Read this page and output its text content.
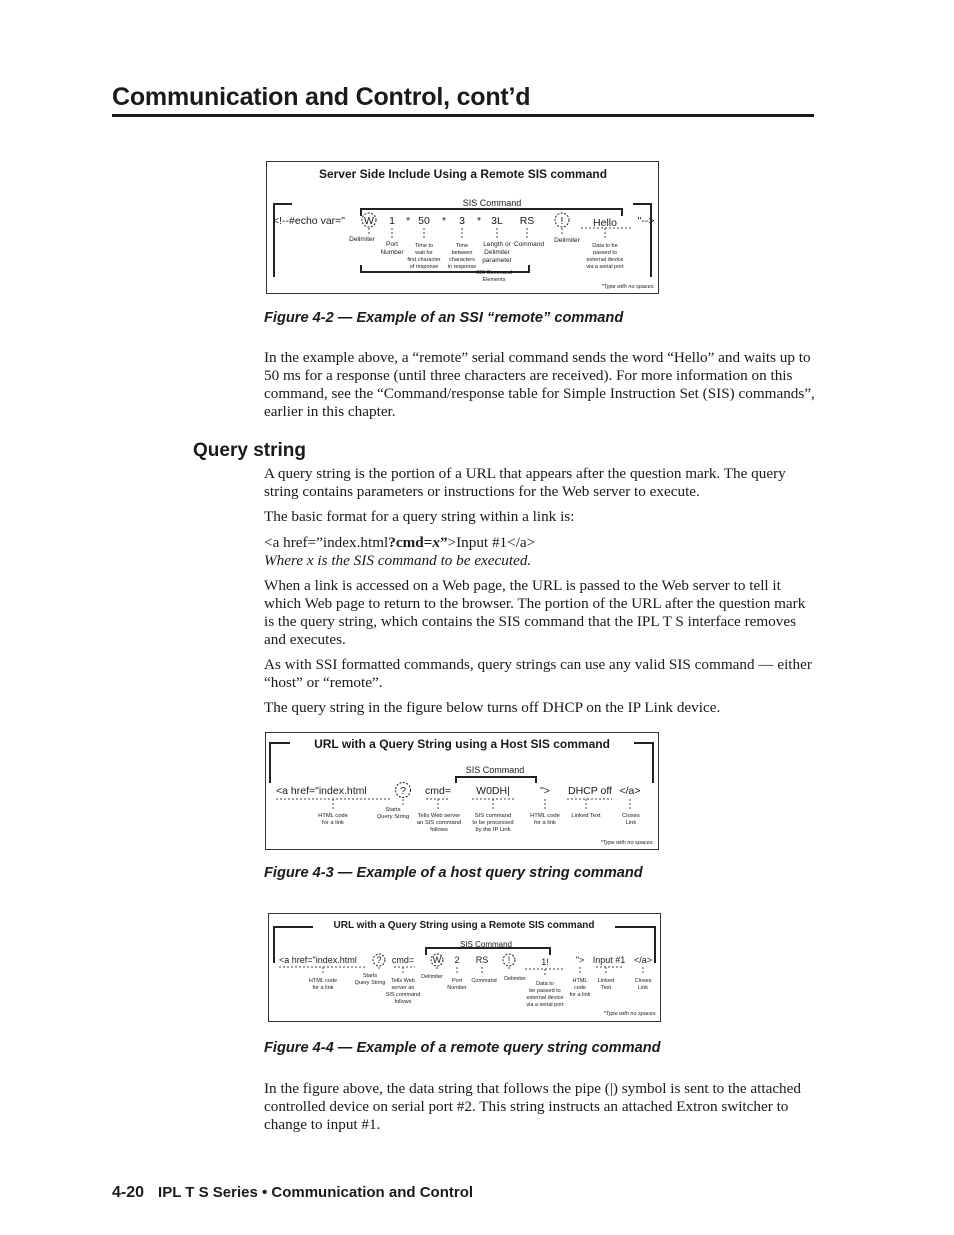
Communication and Control, cont’d
Server Side Include Using a Remote SIS command
SIS Command
<!--#echo var=" W 1 * 50 * 3 * 3L RS !	Hello "-->
Delimiter
Port
Number
Time to
wait for
first character
of response
Time
between
characters
in response
Length or
Delimiter
parameter
Command
Delimiter
Data to be
passed to
external device
via a serial port
SIS Command
Elements
*Type with no spaces.
Figure 4-2 — Example of an SSI “remote” command

In the example above, a “remote” serial command sends the word “Hello” and waits up to 50 ms for a response (until three characters are received). For more information on this command, see the “Command/response table for Simple Instruction Set (SIS) commands”, earlier in this chapter.

Query string

A query string is the portion of a URL that appears after the question mark. The query string contains parameters or instructions for the Web server to execute.

The basic format for a query string within a link is:

<a href=”index.html?cmd=x”>Input #1</a>

Where x is the SIS command to be executed.

When a link is accessed on a Web page, the URL is passed to the Web server to tell it which Web page to return to the browser. The portion of the URL after the question mark is the query string, which contains the SIS command that the IPL T S interface removes and executes.

As with SSI formatted commands, query strings can use any valid SIS command — either “host” or “remote”.

The query string in the figure below turns off DHCP on the IP Link device.

URL with a Query String using a Host SIS command
SIS Command
<a href="index.html	? cmd= W0DH|	"> DHCP off </a>
HTML code
for a link
Starts
Query String Tells Web server
an SIS command
follows
SIS command
to be processed
by the IP Link
HTML code
for a link
Linked Text	Closes
Link
*Type with no spaces.
Figure 4-3 — Example of a host query string command
URL with a Query String using a Remote SIS command
SIS Command
<a href="index.html ? cmd= W 2 RS !	1!	"> Input #1 </a>
HTML code
for a link
Starts
Query String Tells Web
server an
SIS command
follows
Delimiter
Port
Number
Command Delimiter
Data to
be passed to
external device
via a serial port
HTML
code
for a link
Linked
Text
Closes
Link
*Type with no spaces.
Figure 4-4 — Example of a remote query string command

In the figure above, the data string that follows the pipe (|) symbol is sent to the attached controlled device on serial port #2. This string instructs an attached Extron switcher to change to input #1.

4-20 IPL T S Series • Communication and Control
